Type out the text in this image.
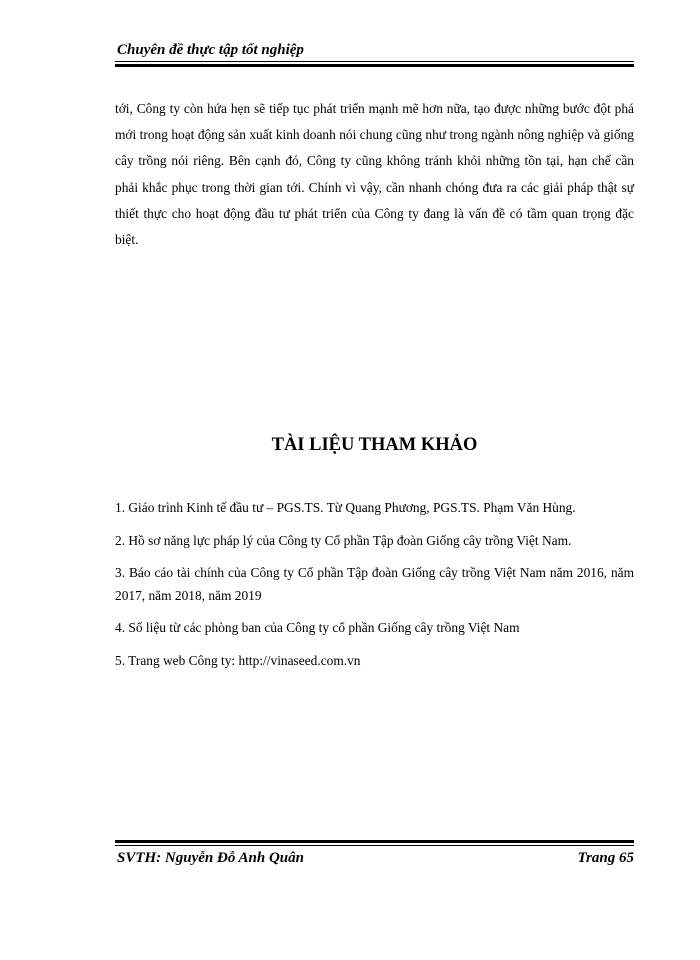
Chuyên đề thực tập tốt nghiệp

tới, Công ty còn hứa hẹn sẽ tiếp tục phát triển mạnh mẽ hơn nữa, tạo được những bước đột phá mới trong hoạt động sản xuất kinh doanh nói chung cũng như trong ngành nông nghiệp và giống cây trồng nói riêng. Bên cạnh đó, Công ty cũng không tránh khỏi những tồn tại, hạn chế cần phải khắc phục trong thời gian tới. Chính vì vậy, cần nhanh chóng đưa ra các giải pháp thật sự thiết thực cho hoạt động đầu tư phát triển của Công ty đang là vấn đề có tầm quan trọng đặc biệt.

TÀI LIỆU THAM KHẢO
1. Giáo trình Kinh tế đầu tư – PGS.TS. Từ Quang Phương, PGS.TS. Phạm Văn Hùng.
2. Hồ sơ năng lực pháp lý của Công ty Cổ phần Tập đoàn Giống cây trồng Việt Nam.
3. Báo cáo tài chính của Công ty Cổ phần Tập đoàn Giống cây trồng Việt Nam năm 2016, năm 2017, năm 2018, năm 2019
4. Số liệu từ các phòng ban của Công ty cổ phần Giống cây trồng Việt Nam
5. Trang web Công ty: http://vinaseed.com.vn
SVTH: Nguyễn Đỗ Anh Quân	Trang 65
